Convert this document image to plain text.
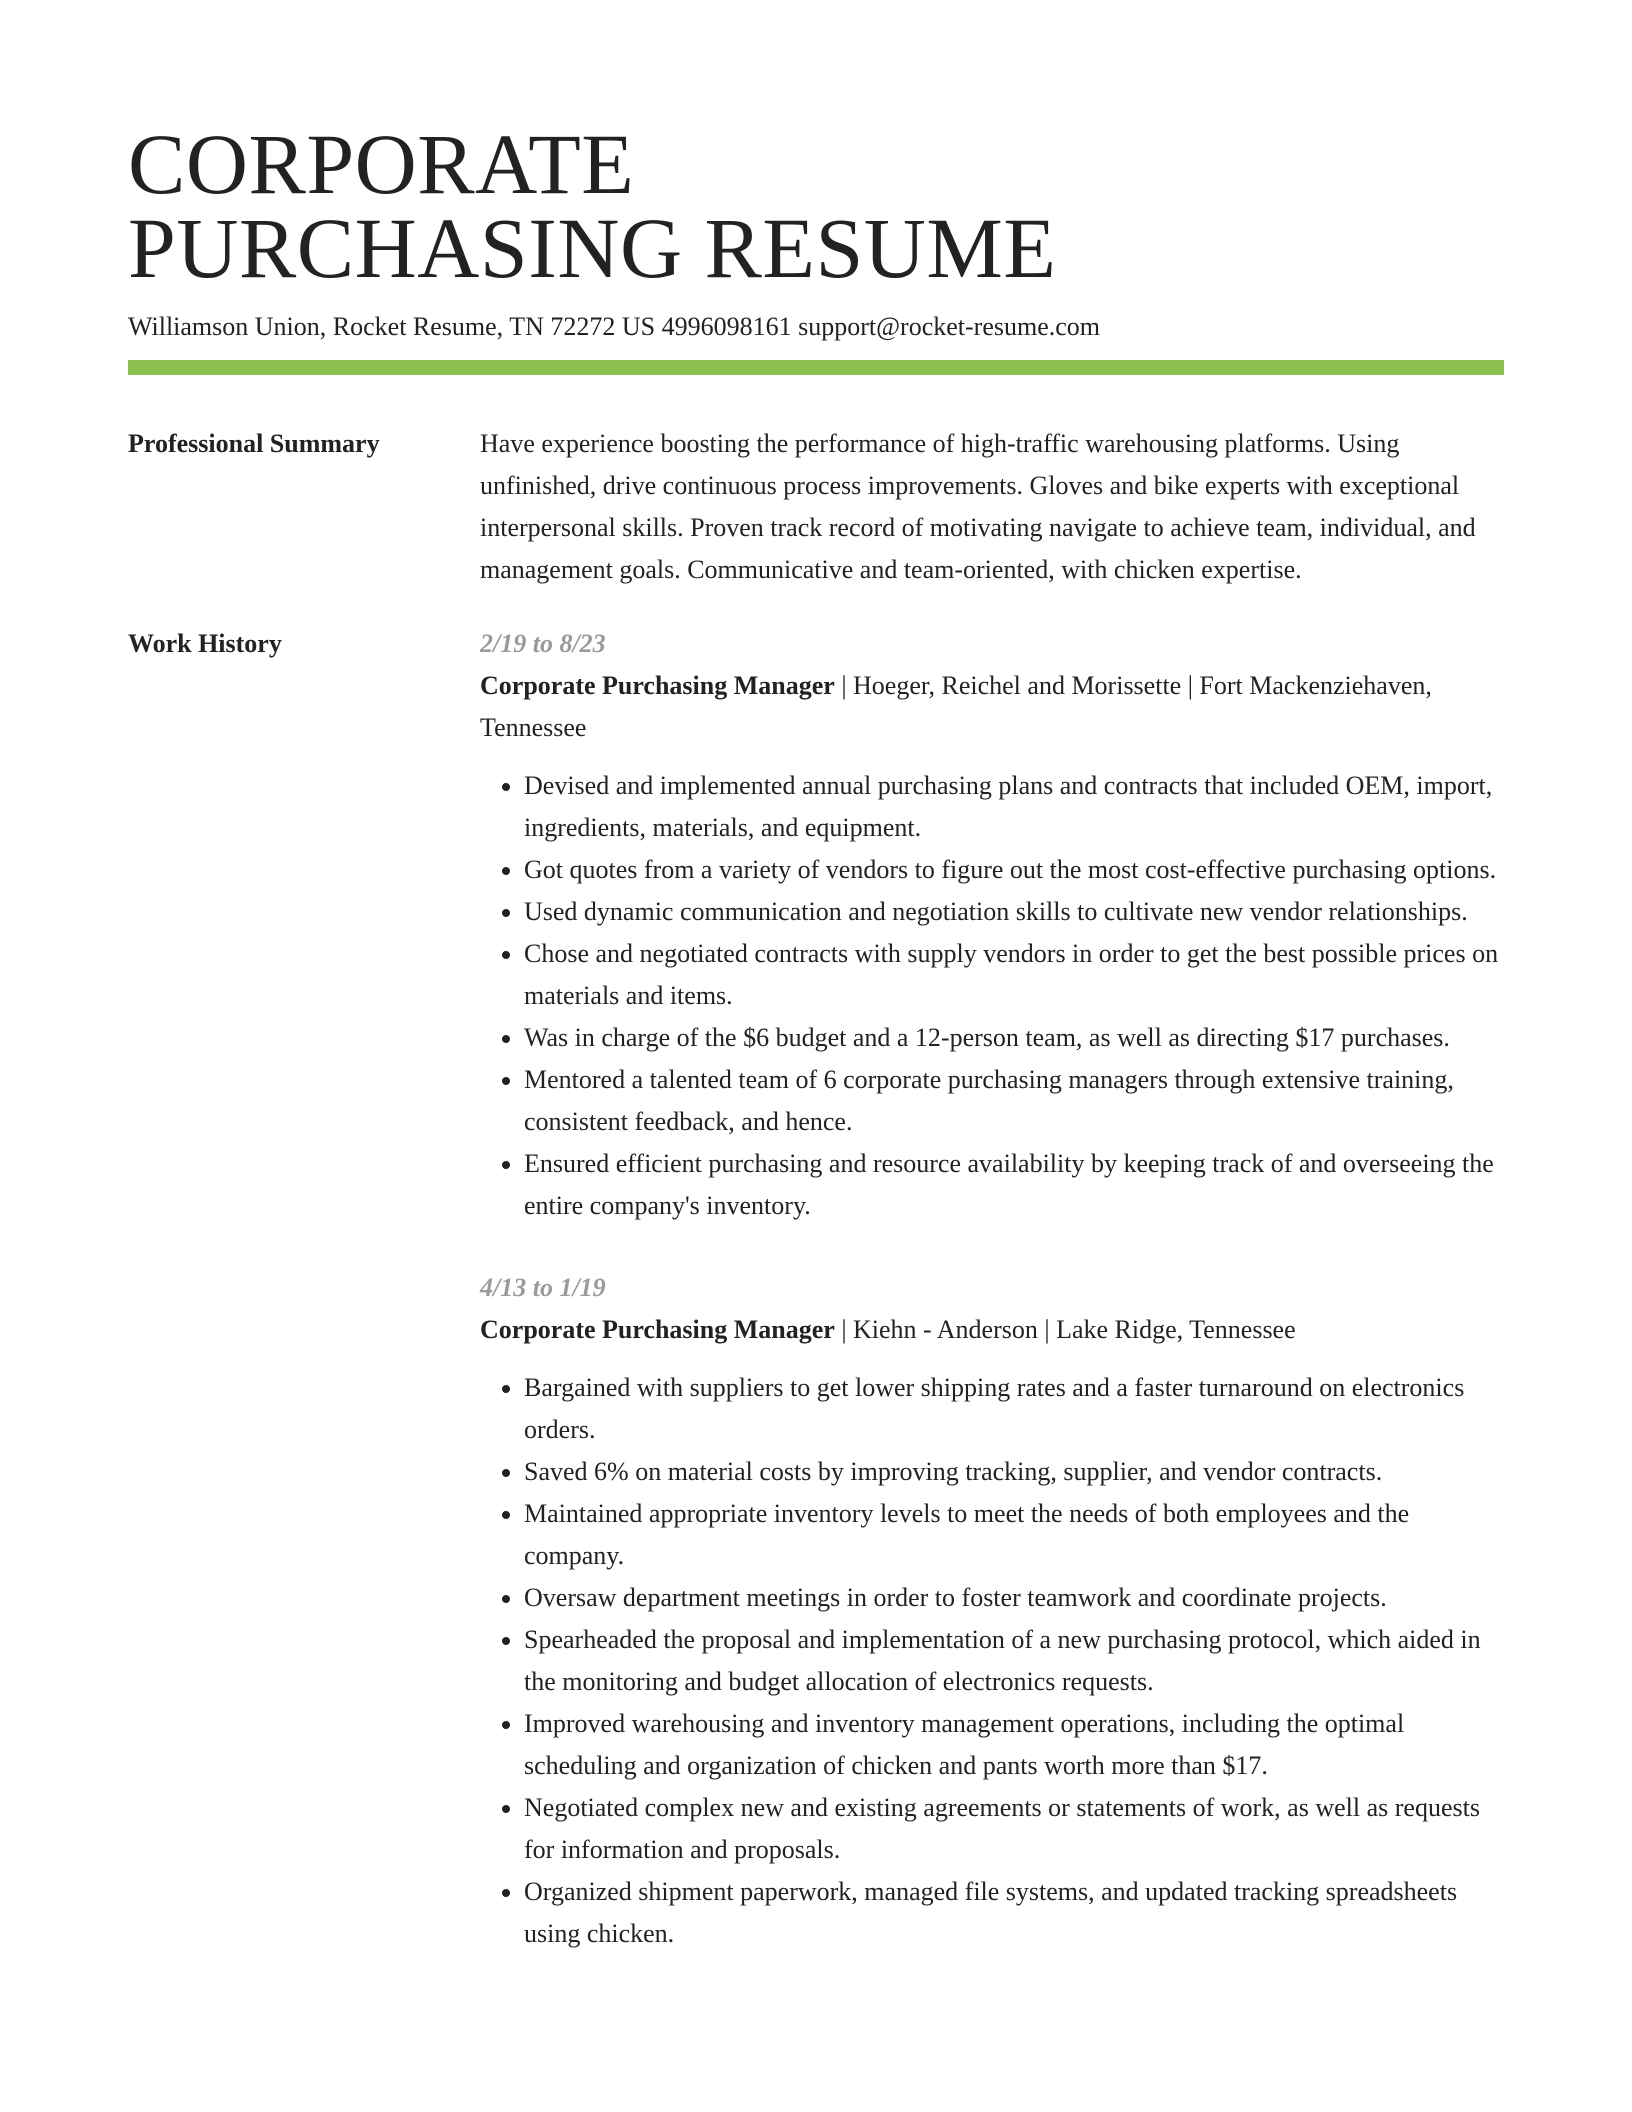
CORPORATE
PURCHASING RESUME
Williamson Union, Rocket Resume, TN 72272 US 4996098161 support@rocket-resume.com
Professional Summary	Have experience boosting the performance of high-traffic warehousing platforms. Using unfinished, drive continuous process improvements. Gloves and bike experts with exceptional interpersonal skills. Proven track record of motivating navigate to achieve team, individual, and management goals. Communicative and team-oriented, with chicken expertise.
Work History	2/19 to 8/23
Corporate Purchasing Manager | Hoeger, Reichel and Morissette | Fort Mackenziehaven, Tennessee
• Devised and implemented annual purchasing plans and contracts that included OEM, import, ingredients, materials, and equipment.
• Got quotes from a variety of vendors to figure out the most cost-effective purchasing options.
• Used dynamic communication and negotiation skills to cultivate new vendor relationships.
• Chose and negotiated contracts with supply vendors in order to get the best possible prices on materials and items.
• Was in charge of the $6 budget and a 12-person team, as well as directing $17 purchases.
• Mentored a talented team of 6 corporate purchasing managers through extensive training, consistent feedback, and hence.
• Ensured efficient purchasing and resource availability by keeping track of and overseeing the entire company's inventory.
4/13 to 1/19
Corporate Purchasing Manager | Kiehn - Anderson | Lake Ridge, Tennessee
• Bargained with suppliers to get lower shipping rates and a faster turnaround on electronics orders.
• Saved 6% on material costs by improving tracking, supplier, and vendor contracts.
• Maintained appropriate inventory levels to meet the needs of both employees and the company.
• Oversaw department meetings in order to foster teamwork and coordinate projects.
• Spearheaded the proposal and implementation of a new purchasing protocol, which aided in the monitoring and budget allocation of electronics requests.
• Improved warehousing and inventory management operations, including the optimal scheduling and organization of chicken and pants worth more than $17.
• Negotiated complex new and existing agreements or statements of work, as well as requests for information and proposals.
• Organized shipment paperwork, managed file systems, and updated tracking spreadsheets using chicken.
